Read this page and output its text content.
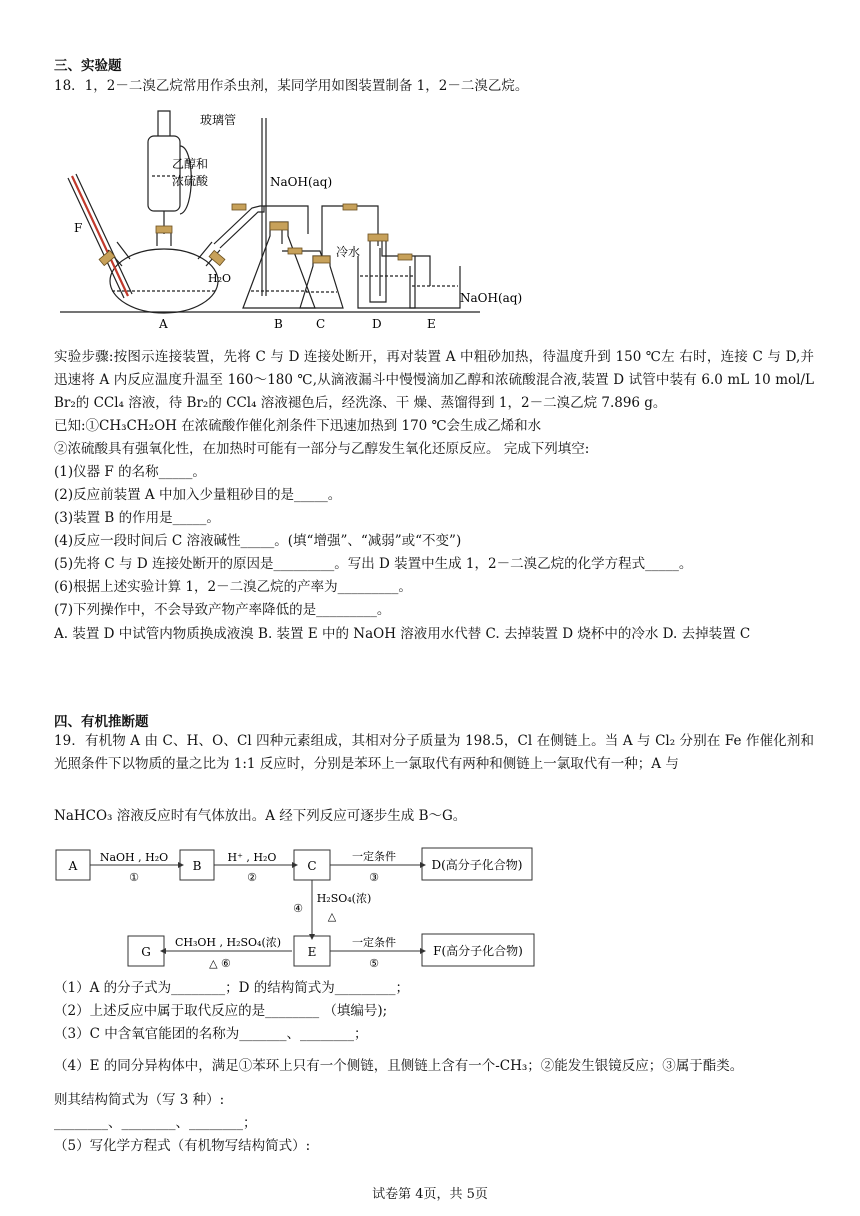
三、实验题
18．1，2－二溴乙烷常用作杀虫剂，某同学用如图装置制备 1，2－二溴乙烷。
玻璃管
乙醇和
浓硫酸	NaOH(aq)
F
H₂O
冷水
NaOH(aq)
A	B	C	D	E
实验步骤:按图示连接装置，先将 C 与 D 连接处断开，再对装置 A 中粗砂加热，待温度升到 150 ℃左 右时，连接 C 与 D,并迅速将 A 内反应温度升温至 160～180 ℃,从滴液漏斗中慢慢滴加乙醇和浓硫酸混合液,装置 D 试管中装有 6.0 mL 10 mol/L Br₂的 CCl₄ 溶液，待 Br₂的 CCl₄ 溶液褪色后，经洗涤、干 燥、蒸馏得到 1，2－二溴乙烷 7.896 g。
已知:①CH₃CH₂OH 在浓硫酸作催化剂条件下迅速加热到 170 ℃会生成乙烯和水
②浓硫酸具有强氧化性，在加热时可能有一部分与乙醇发生氧化还原反应。 完成下列填空:
(1)仪器 F 的名称_____。
(2)反应前装置 A 中加入少量粗砂目的是_____。
(3)装置 B 的作用是_____。
(4)反应一段时间后 C 溶液碱性_____。(填“增强”、“减弱”或“不变”)
(5)先将 C 与 D 连接处断开的原因是_________。写出 D 装置中生成 1，2－二溴乙烷的化学方程式_____。
(6)根据上述实验计算 1，2－二溴乙烷的产率为_________。
(7)下列操作中，不会导致产物产率降低的是_________。
A. 装置 D 中试管内物质换成液溴 B. 装置 E 中的 NaOH 溶液用水代替 C. 去掉装置 D 烧杯中的冷水 D. 去掉装置 C
四、有机推断题
19．有机物 A 由 C、H、O、Cl 四种元素组成，其相对分子质量为 198.5，Cl 在侧链上。当 A 与 Cl₂ 分别在 Fe 作催化剂和光照条件下以物质的量之比为 1:1 反应时，分别是苯环上一氯取代有两种和侧链上一氯取代有一种；A 与
NaHCO₃ 溶液反应时有气体放出。A 经下列反应可逐步生成 B～G。
A	B	C	D(高分子化合物)
E	F(高分子化合物)
G
NaOH , H₂O
①
H⁺ , H₂O
②
一定条件
③
④
H₂SO₄(浓)
△
一定条件
⑤
CH₃OH , H₂SO₄(浓)
△ ⑥
（1）A 的分子式为________；D 的结构简式为_________；
（2）上述反应中属于取代反应的是________ （填编号);
（3）C 中含氧官能团的名称为_______、________；
（4）E 的同分异构体中，满足①苯环上只有一个侧链，且侧链上含有一个-CH₃；②能发生银镜反应；③属于酯类。
则其结构简式为（写 3 种）:
________、________、________；
（5）写化学方程式（有机物写结构简式）:
试卷第 4页，共 5页
